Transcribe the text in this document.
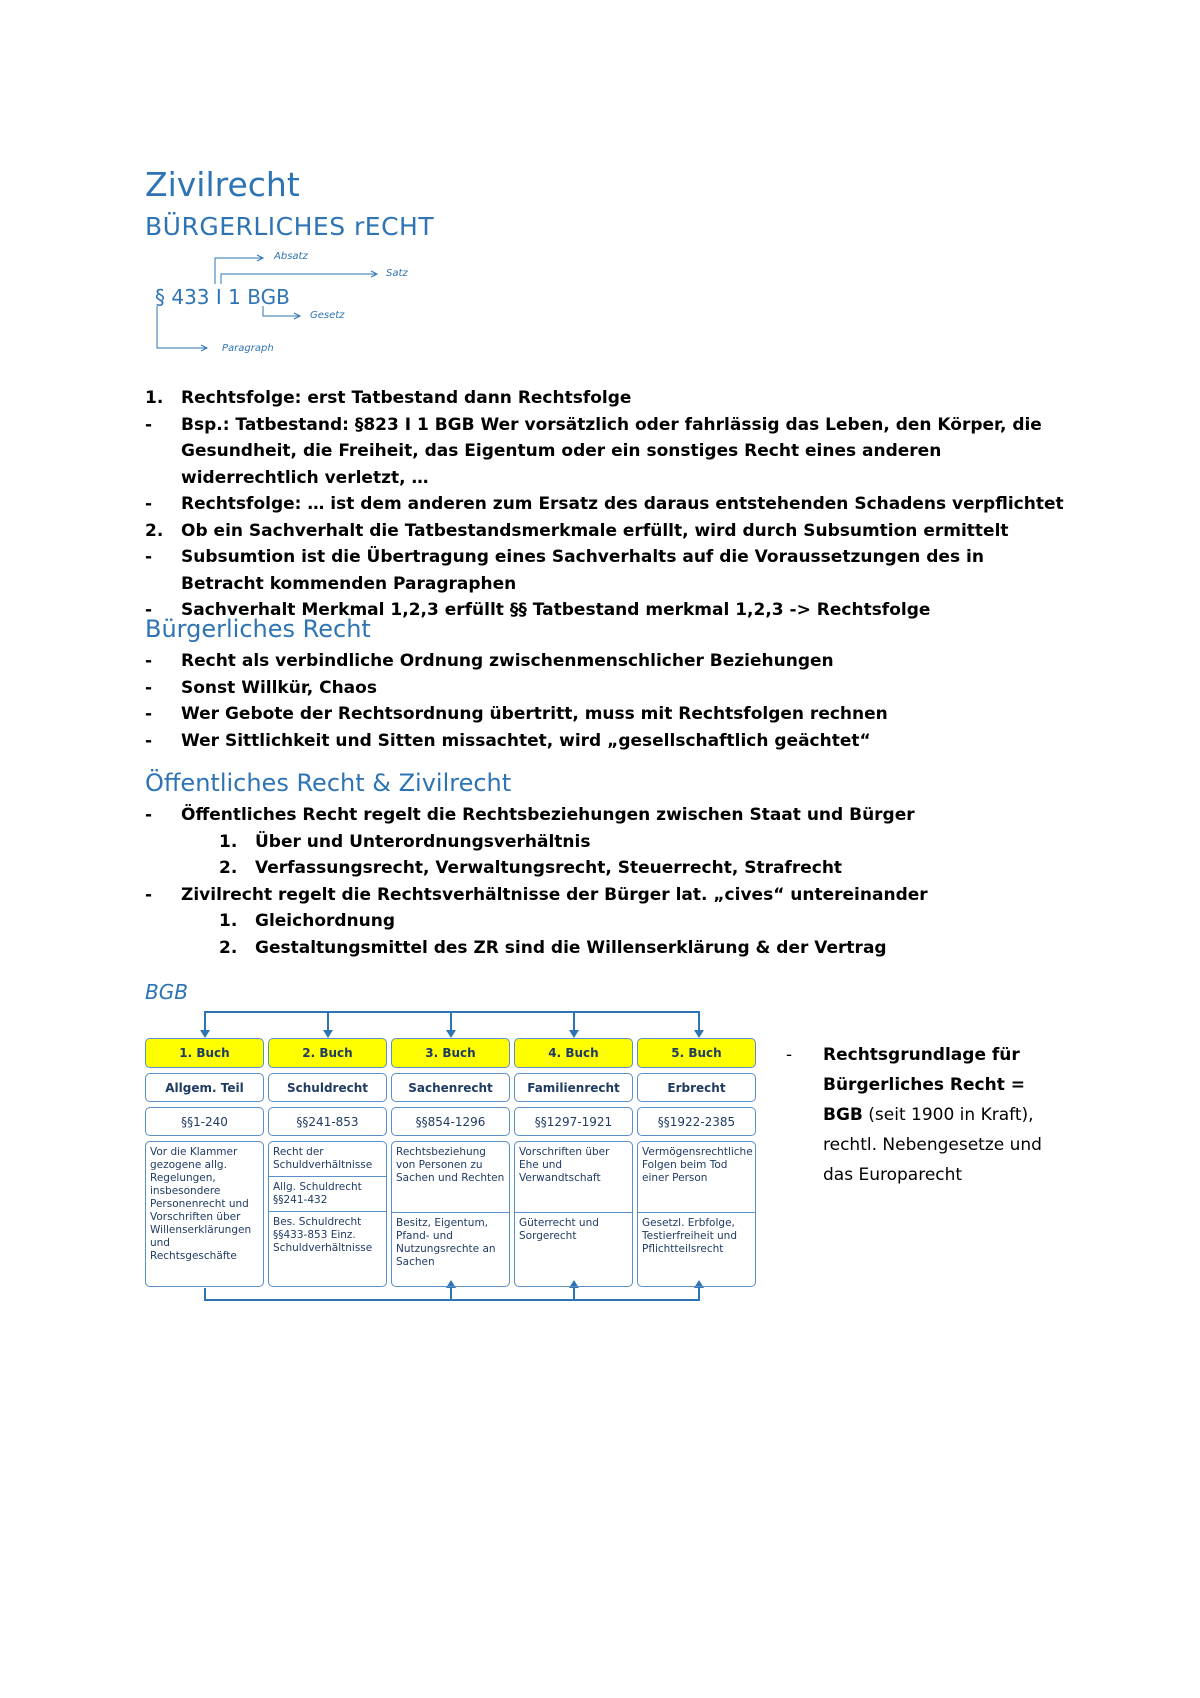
Zivilrecht
BÜRGERLICHES rECHT
§ 433 I 1 BGB
Absatz
Satz
Gesetz
Paragraph
1. Rechtsfolge: erst Tatbestand dann Rechtsfolge
- Bsp.: Tatbestand: §823 I 1 BGB Wer vorsätzlich oder fahrlässig das Leben, den Körper, die Gesundheit, die Freiheit, das Eigentum oder ein sonstiges Recht eines anderen widerrechtlich verletzt, …
- Rechtsfolge: … ist dem anderen zum Ersatz des daraus entstehenden Schadens verpflichtet
2. Ob ein Sachverhalt die Tatbestandsmerkmale erfüllt, wird durch Subsumtion ermittelt
- Subsumtion ist die Übertragung eines Sachverhalts auf die Voraussetzungen des in Betracht kommenden Paragraphen
- Sachverhalt Merkmal 1,2,3 erfüllt §§ Tatbestand merkmal 1,2,3 -> Rechtsfolge
Bürgerliches Recht
- Recht als verbindliche Ordnung zwischenmenschlicher Beziehungen
- Sonst Willkür, Chaos
- Wer Gebote der Rechtsordnung übertritt, muss mit Rechtsfolgen rechnen
- Wer Sittlichkeit und Sitten missachtet, wird „gesellschaftlich geächtet“
Öffentliches Recht & Zivilrecht
- Öffentliches Recht regelt die Rechtsbeziehungen zwischen Staat und Bürger
1. Über und Unterordnungsverhältnis
2. Verfassungsrecht, Verwaltungsrecht, Steuerrecht, Strafrecht
- Zivilrecht regelt die Rechtsverhältnisse der Bürger lat. „cives“ untereinander
1. Gleichordnung
2. Gestaltungsmittel des ZR sind die Willenserklärung & der Vertrag
BGB
1. Buch
Allgem. Teil
§§1-240
Vor die Klammer gezogene allg. Regelungen, insbesondere Personenrecht und Vorschriften über Willenserklärungen und Rechtsgeschäfte
2. Buch
Schuldrecht
§§241-853
Recht der Schuldverhältnisse
Allg. Schuldrecht §§241-432
Bes. Schuldrecht §§433-853 Einz. Schuldverhältnisse
3. Buch
Sachenrecht
§§854-1296
Rechtsbeziehung von Personen zu Sachen und Rechten
Besitz, Eigentum, Pfand- und Nutzungsrechte an Sachen
4. Buch
Familienrecht
§§1297-1921
Vorschriften über Ehe und Verwandtschaft
Güterrecht und Sorgerecht
5. Buch
Erbrecht
§§1922-2385
Vermögensrechtliche Folgen beim Tod einer Person
Gesetzl. Erbfolge, Testierfreiheit und Pflichtteilsrecht
- Rechtsgrundlage für Bürgerliches Recht = BGB (seit 1900 in Kraft), rechtl. Nebengesetze und das Europarecht
